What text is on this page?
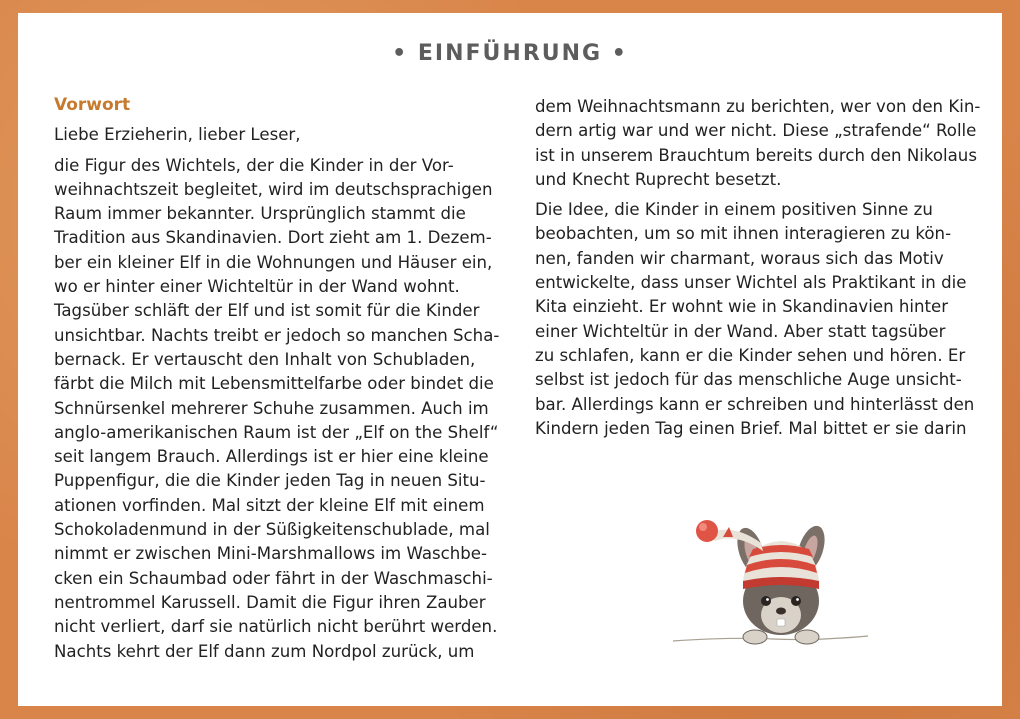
• EINFÜHRUNG •
Vorwort
Liebe Erzieherin, lieber Leser,
die Figur des Wichtels, der die Kinder in der Vor-
weihnachtszeit begleitet, wird im deutschsprachigen
Raum immer bekannter. Ursprünglich stammt die
Tradition aus Skandinavien. Dort zieht am 1. Dezem-
ber ein kleiner Elf in die Wohnungen und Häuser ein,
wo er hinter einer Wichteltür in der Wand wohnt.
Tagsüber schläft der Elf und ist somit für die Kinder
unsichtbar. Nachts treibt er jedoch so manchen Scha-
bernack. Er vertauscht den Inhalt von Schubladen,
färbt die Milch mit Lebensmittelfarbe oder bindet die
Schnürsenkel mehrerer Schuhe zusammen. Auch im
anglo-amerikanischen Raum ist der „Elf on the Shelf“
seit langem Brauch. Allerdings ist er hier eine kleine
Puppenfigur, die die Kinder jeden Tag in neuen Situ-
ationen vorfinden. Mal sitzt der kleine Elf mit einem
Schokoladenmund in der Süßigkeitenschublade, mal
nimmt er zwischen Mini-Marshmallows im Waschbe-
cken ein Schaumbad oder fährt in der Waschmaschi-
nentrommel Karussell. Damit die Figur ihren Zauber
nicht verliert, darf sie natürlich nicht berührt werden.
Nachts kehrt der Elf dann zum Nordpol zurück, um
dem Weihnachtsmann zu berichten, wer von den Kin-
dern artig war und wer nicht. Diese „strafende“ Rolle
ist in unserem Brauchtum bereits durch den Nikolaus
und Knecht Ruprecht besetzt.
Die Idee, die Kinder in einem positiven Sinne zu
beobachten, um so mit ihnen interagieren zu kön-
nen, fanden wir charmant, woraus sich das Motiv
entwickelte, dass unser Wichtel als Praktikant in die
Kita einzieht. Er wohnt wie in Skandinavien hinter
einer Wichteltür in der Wand. Aber statt tagsüber
zu schlafen, kann er die Kinder sehen und hören. Er
selbst ist jedoch für das menschliche Auge unsicht-
bar. Allerdings kann er schreiben und hinterlässt den
Kindern jeden Tag einen Brief. Mal bittet er sie darin
